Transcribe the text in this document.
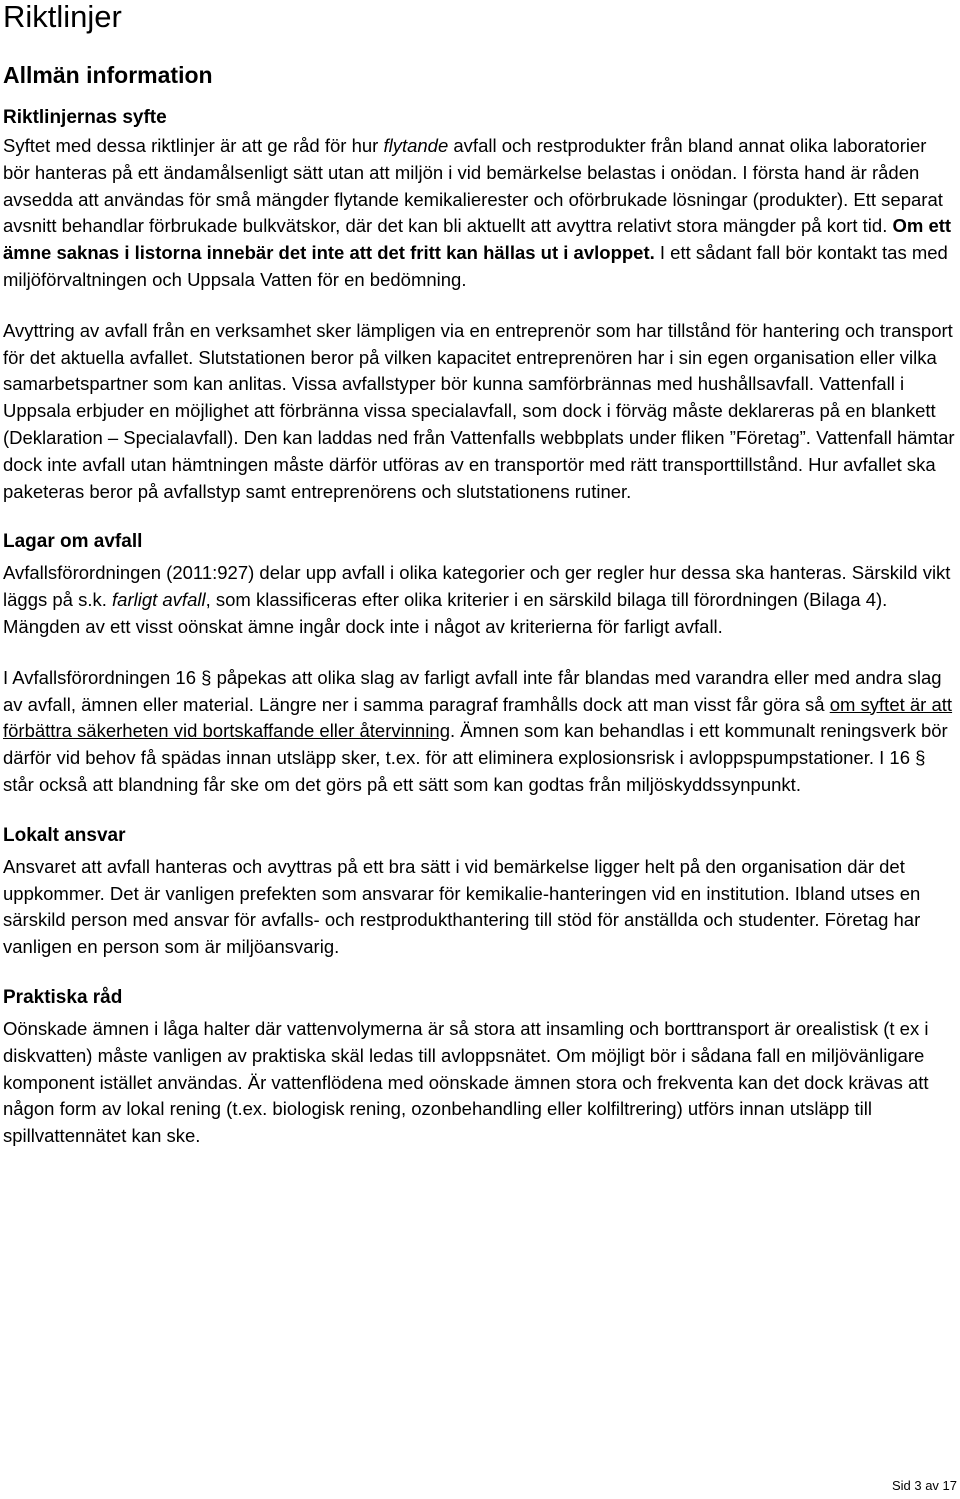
Riktlinjer
Allmän information
Riktlinjernas syfte

Syftet med dessa riktlinjer är att ge råd för hur flytande avfall och restprodukter från bland annat olika laboratorier bör hanteras på ett ändamålsenligt sätt utan att miljön i vid bemärkelse belastas i onödan. I första hand är råden avsedda att användas för små mängder flytande kemikalierester och oförbrukade lösningar (produkter). Ett separat avsnitt behandlar förbrukade bulkvätskor, där det kan bli aktuellt att avyttra relativt stora mängder på kort tid. Om ett ämne saknas i listorna innebär det inte att det fritt kan hällas ut i avloppet. I ett sådant fall bör kontakt tas med miljöförvaltningen och Uppsala Vatten för en bedömning.

Avyttring av avfall från en verksamhet sker lämpligen via en entreprenör som har tillstånd för hantering och transport för det aktuella avfallet. Slutstationen beror på vilken kapacitet entreprenören har i sin egen organisation eller vilka samarbetspartner som kan anlitas. Vissa avfallstyper bör kunna samförbrännas med hushållsavfall. Vattenfall i Uppsala erbjuder en möjlighet att förbränna vissa specialavfall, som dock i förväg måste deklareras på en blankett (Deklaration – Specialavfall). Den kan laddas ned från Vattenfalls webbplats under fliken ”Företag”. Vattenfall hämtar dock inte avfall utan hämtningen måste därför utföras av en transportör med rätt transporttillstånd. Hur avfallet ska paketeras beror på avfallstyp samt entreprenörens och slutstationens rutiner.

Lagar om avfall

Avfallsförordningen (2011:927) delar upp avfall i olika kategorier och ger regler hur dessa ska hanteras. Särskild vikt läggs på s.k. farligt avfall, som klassificeras efter olika kriterier i en särskild bilaga till förordningen (Bilaga 4). Mängden av ett visst oönskat ämne ingår dock inte i något av kriterierna för farligt avfall.

I Avfallsförordningen 16 § påpekas att olika slag av farligt avfall inte får blandas med varandra eller med andra slag av avfall, ämnen eller material. Längre ner i samma paragraf framhålls dock att man visst får göra så om syftet är att förbättra säkerheten vid bortskaffande eller återvinning. Ämnen som kan behandlas i ett kommunalt reningsverk bör därför vid behov få spädas innan utsläpp sker, t.ex. för att eliminera explosionsrisk i avloppspumpstationer. I 16 § står också att blandning får ske om det görs på ett sätt som kan godtas från miljöskyddssynpunkt.

Lokalt ansvar

Ansvaret att avfall hanteras och avyttras på ett bra sätt i vid bemärkelse ligger helt på den organisation där det uppkommer. Det är vanligen prefekten som ansvarar för kemikalie-hanteringen vid en institution. Ibland utses en särskild person med ansvar för avfalls- och restprodukthantering till stöd för anställda och studenter. Företag har vanligen en person som är miljöansvarig.

Praktiska råd

Oönskade ämnen i låga halter där vattenvolymerna är så stora att insamling och borttransport är orealistisk (t ex i diskvatten) måste vanligen av praktiska skäl ledas till avloppsnätet. Om möjligt bör i sådana fall en miljövänligare komponent istället användas. Är vattenflödena med oönskade ämnen stora och frekventa kan det dock krävas att någon form av lokal rening (t.ex. biologisk rening, ozonbehandling eller kolfiltrering) utförs innan utsläpp till spillvattennätet kan ske.

Sid 3 av 17
